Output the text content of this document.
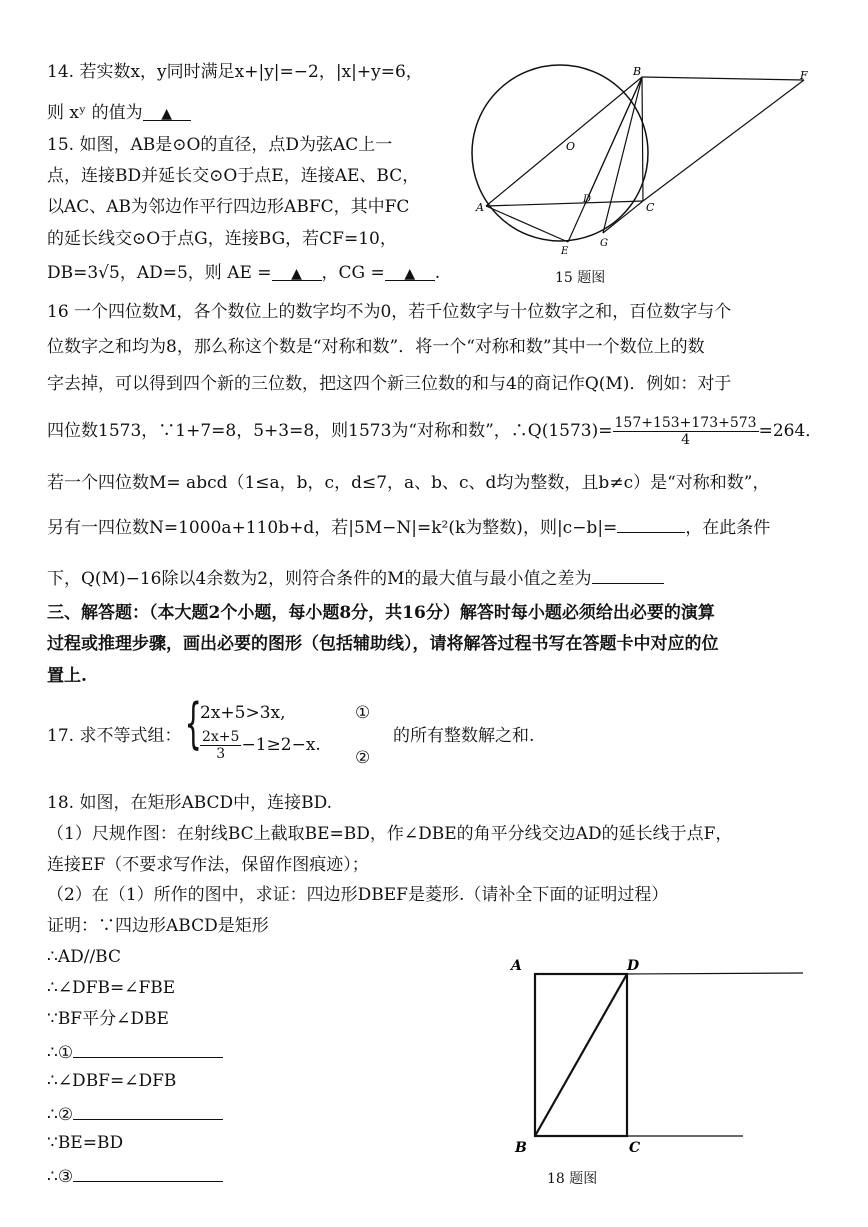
14. 若实数x，y同时满足x+|y|=−2，|x|+y=6，
则 xʸ 的值为 ▲
15. 如图，AB是⊙O的直径，点D为弦AC上一
点，连接BD并延长交⊙O于点E，连接AE、BC，
以AC、AB为邻边作平行四边形ABFC，其中FC
的延长线交⊙O于点G，连接BG，若CF=10，
DB=3√5，AD=5，则 AE = ▲ ，CG = ▲ .
B	F
O
A
D
C
E
G
15 题图
16 一个四位数M，各个数位上的数字均不为0，若千位数字与十位数字之和，百位数字与个
位数字之和均为8，那么称这个数是“对称和数”．将一个“对称和数”其中一个数位上的数
字去掉，可以得到四个新的三位数，把这四个新三位数的和与4的商记作Q(M)．例如：对于
四位数1573，∵1+7=8，5+3=8，则1573为“对称和数”，∴Q(1573)= $\frac{157+153+173+573}{4} =264$．
若一个四位数M= abcd（1≤a，b，c，d≤7，a、b、c、d均为整数，且b≠c）是“对称和数”，
另有一四位数N=1000a+110b+d，若|5M−N|=k²(k为整数)，则|c−b|=	，在此条件
下，Q(M)−16除以4余数为2，则符合条件的M的最大值与最小值之差为
三、解答题：（本大题2个小题，每小题8分，共16分）解答时每小题必须给出必要的演算
过程或推理步骤，画出必要的图形（包括辅助线），请将解答过程书写在答题卡中对应的位
置上.
17. 求不等式组： {
2x+5>3x,
$\frac{2x+5}{3} -1\ge 2-x$.
①
②
的所有整数解之和.
18. 如图，在矩形ABCD中，连接BD.
（1）尺规作图：在射线BC上截取BE=BD，作∠DBE的角平分线交边AD的延长线于点F，
连接EF（不要求写作法，保留作图痕迹）；
（2）在（1）所作的图中，求证：四边形DBEF是菱形.（请补全下面的证明过程）
证明：∵四边形ABCD是矩形
∴AD//BC
∴∠DFB=∠FBE
∵BF平分∠DBE
∴①
∴∠DBF=∠DFB
∴②
∵BE=BD
∴③
A	D
B	C
18 题图
